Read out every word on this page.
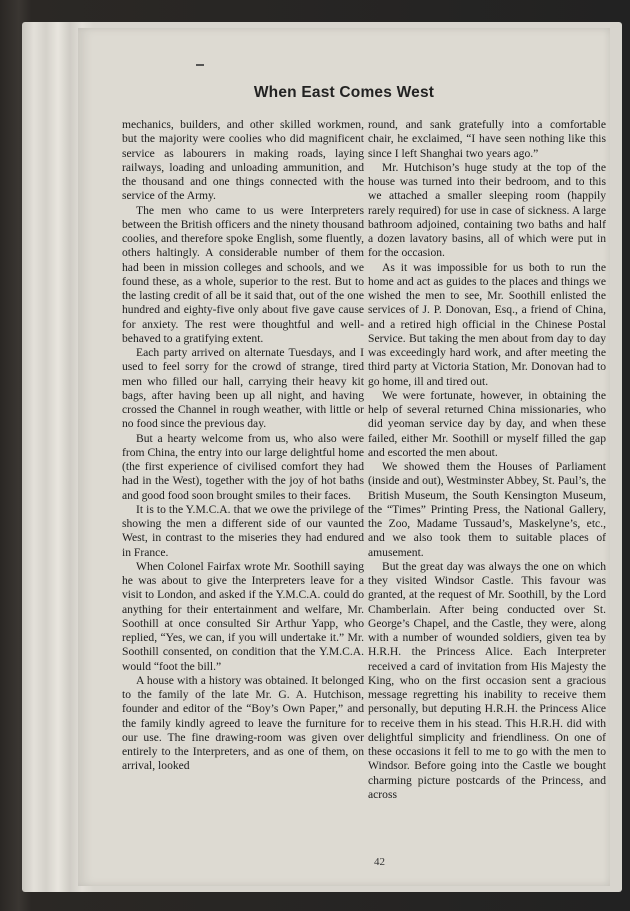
When East Comes West

mechanics, builders, and other skilled workmen, but the majority were coolies who did magnificent service as labourers in making roads, laying railways, loading and unloading ammunition, and the thousand and one things connected with the service of the Army.

The men who came to us were Interpreters between the British officers and the ninety thousand coolies, and therefore spoke English, some fluently, others haltingly. A considerable number of them had been in mission colleges and schools, and we found these, as a whole, superior to the rest. But to the lasting credit of all be it said that, out of the one hundred and eighty-five only about five gave cause for anxiety. The rest were thoughtful and well-behaved to a gratifying extent.

Each party arrived on alternate Tuesdays, and I used to feel sorry for the crowd of strange, tired men who filled our hall, carrying their heavy kit bags, after having been up all night, and having crossed the Channel in rough weather, with little or no food since the previous day.

But a hearty welcome from us, who also were from China, the entry into our large delightful home (the first experience of civilised comfort they had had in the West), together with the joy of hot baths and good food soon brought smiles to their faces.

It is to the Y.M.C.A. that we owe the privilege of showing the men a different side of our vaunted West, in contrast to the miseries they had endured in France.

When Colonel Fairfax wrote Mr. Soothill saying he was about to give the Interpreters leave for a visit to London, and asked if the Y.M.C.A. could do anything for their entertainment and welfare, Mr. Soothill at once consulted Sir Arthur Yapp, who replied, “Yes, we can, if you will undertake it.” Mr. Soothill consented, on condition that the Y.M.C.A. would “foot the bill.”

A house with a history was obtained. It belonged to the family of the late Mr. G. A. Hutchison, founder and editor of the “Boy’s Own Paper,” and the family kindly agreed to leave the furniture for our use. The fine drawing-room was given over entirely to the Interpreters, and as one of them, on arrival, looked

round, and sank gratefully into a comfortable chair, he exclaimed, “I have seen nothing like this since I left Shanghai two years ago.”

Mr. Hutchison’s huge study at the top of the house was turned into their bedroom, and to this we attached a smaller sleeping room (happily rarely required) for use in case of sickness. A large bathroom adjoined, containing two baths and half a dozen lavatory basins, all of which were put in for the occasion.

As it was impossible for us both to run the home and act as guides to the places and things we wished the men to see, Mr. Soothill enlisted the services of J. P. Donovan, Esq., a friend of China, and a retired high official in the Chinese Postal Service. But taking the men about from day to day was exceedingly hard work, and after meeting the third party at Victoria Station, Mr. Donovan had to go home, ill and tired out.

We were fortunate, however, in obtaining the help of several returned China missionaries, who did yeoman service day by day, and when these failed, either Mr. Soothill or myself filled the gap and escorted the men about.

We showed them the Houses of Parliament (inside and out), Westminster Abbey, St. Paul’s, the British Museum, the South Kensington Museum, the “Times” Printing Press, the National Gallery, the Zoo, Madame Tussaud’s, Maskelyne’s, etc., and we also took them to suitable places of amusement.

But the great day was always the one on which they visited Windsor Castle. This favour was granted, at the request of Mr. Soothill, by the Lord Chamberlain. After being conducted over St. George’s Chapel, and the Castle, they were, along with a number of wounded soldiers, given tea by H.R.H. the Princess Alice. Each Interpreter received a card of invitation from His Majesty the King, who on the first occasion sent a gracious message regretting his inability to receive them personally, but deputing H.R.H. the Princess Alice to receive them in his stead. This H.R.H. did with delightful simplicity and friendliness. On one of these occasions it fell to me to go with the men to Windsor. Before going into the Castle we bought charming picture postcards of the Princess, and across

42
